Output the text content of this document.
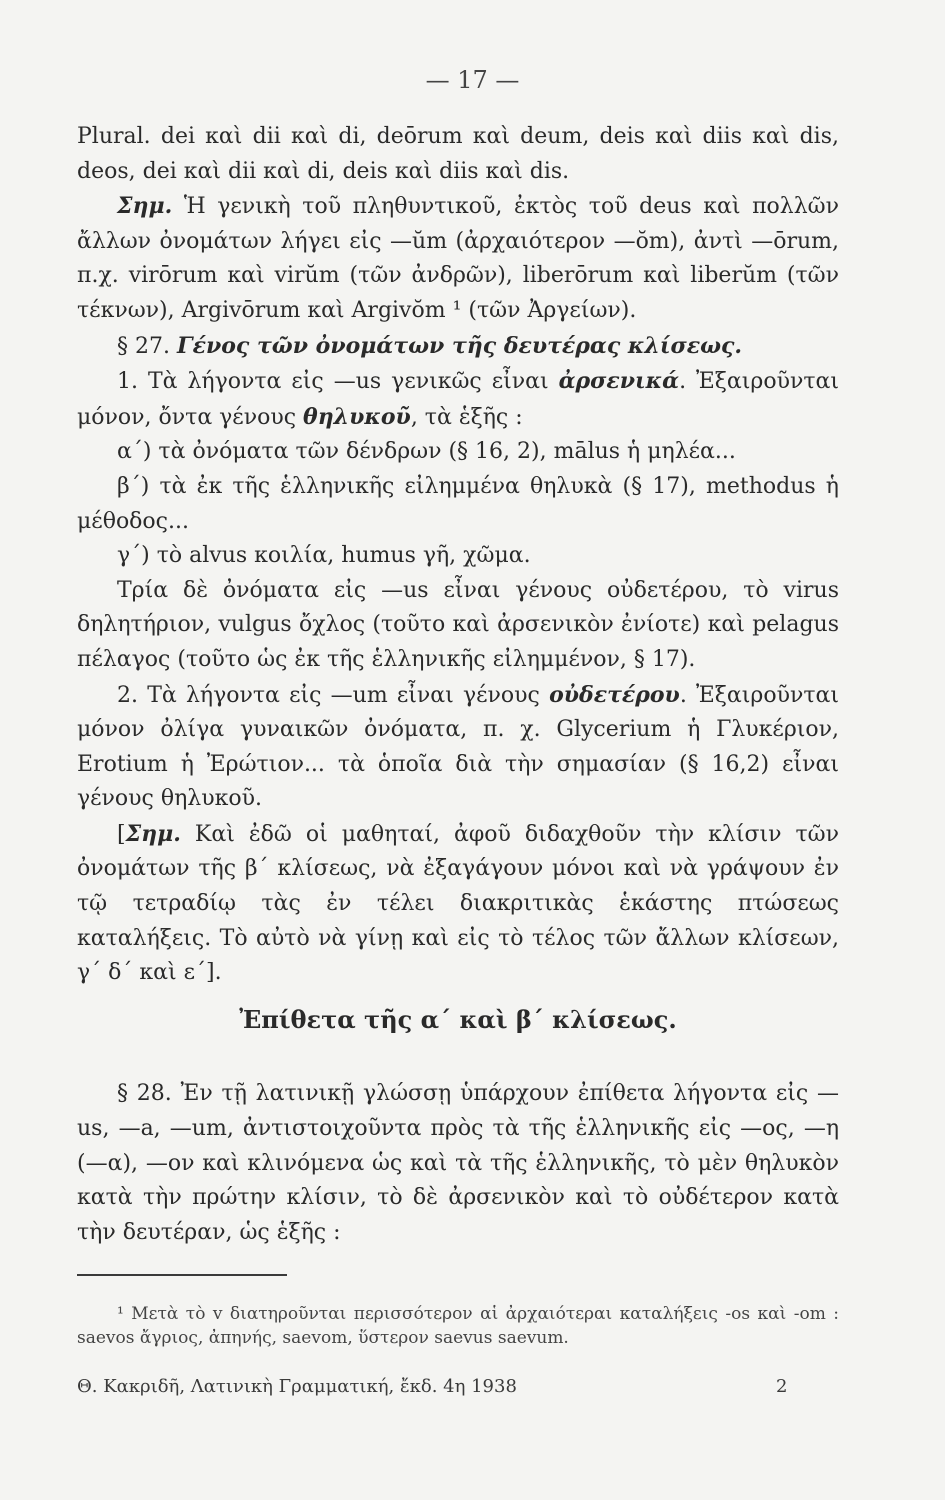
— 17 —

Plural. dei καὶ dii καὶ di, deōrum καὶ deum, deis καὶ diis καὶ dis, deos, dei καὶ dii καὶ di, deis καὶ diis καὶ dis.

Σημ. Ἡ γενικὴ τοῦ πληθυντικοῦ, ἐκτὸς τοῦ deus καὶ πολλῶν ἄλλων ὀνομάτων λήγει εἰς —ŭm (ἀρχαιότερον —ŏm), ἀντὶ —ōrum, π.χ. virōrum καὶ virŭm (τῶν ἀνδρῶν), liberōrum καὶ liberŭm (τῶν τέκνων), Argivōrum καὶ Argivŏm ¹ (τῶν Ἀργείων).

§ 27. Γένος τῶν ὀνομάτων τῆς δευτέρας κλίσεως.

1. Τὰ λήγοντα εἰς —us γενικῶς εἶναι ἀρσενικά. Ἐξαιροῦνται μόνον, ὄντα γένους θηλυκοῦ, τὰ ἑξῆς :

α΄) τὰ ὀνόματα τῶν δένδρων (§ 16, 2), mālus ἡ μηλέα...

β΄) τὰ ἐκ τῆς ἑλληνικῆς εἰλημμένα θηλυκὰ (§ 17), methodus ἡ μέθοδος...

γ΄) τὸ alvus κοιλία, humus γῆ, χῶμα.

Τρία δὲ ὀνόματα εἰς —us εἶναι γένους οὐδετέρου, τὸ virus δηλητήριον, vulgus ὄχλος (τοῦτο καὶ ἀρσενικὸν ἐνίοτε) καὶ pelagus πέλαγος (τοῦτο ὡς ἐκ τῆς ἑλληνικῆς εἰλημμένον, § 17).

2. Τὰ λήγοντα εἰς —um εἶναι γένους οὐδετέρου. Ἐξαιροῦνται μόνον ὀλίγα γυναικῶν ὀνόματα, π. χ. Glycerium ἡ Γλυκέριον, Erotium ἡ Ἐρώτιον... τὰ ὁποῖα διὰ τὴν σημασίαν (§ 16,2) εἶναι γένους θηλυκοῦ.

[Σημ. Καὶ ἐδῶ οἱ μαθηταί, ἀφοῦ διδαχθοῦν τὴν κλίσιν τῶν ὀνομάτων τῆς β΄ κλίσεως, νὰ ἐξαγάγουν μόνοι καὶ νὰ γράψουν ἐν τῷ τετραδίῳ τὰς ἐν τέλει διακριτικὰς ἑκάστης πτώσεως καταλήξεις. Τὸ αὐτὸ νὰ γίνῃ καὶ εἰς τὸ τέλος τῶν ἄλλων κλίσεων, γ΄ δ΄ καὶ ε΄].

Ἐπίθετα τῆς α΄ καὶ β΄ κλίσεως.

§ 28. Ἐν τῇ λατινικῇ γλώσσῃ ὑπάρχουν ἐπίθετα λήγοντα εἰς —us, —a, —um, ἀντιστοιχοῦντα πρὸς τὰ τῆς ἑλληνικῆς εἰς —ος, —η (—α), —ον καὶ κλινόμενα ὡς καὶ τὰ τῆς ἑλληνικῆς, τὸ μὲν θηλυκὸν κατὰ τὴν πρώτην κλίσιν, τὸ δὲ ἀρσενικὸν καὶ τὸ οὐδέτερον κατὰ τὴν δευτέραν, ὡς ἑξῆς :

¹ Μετὰ τὸ v διατηροῦνται περισσότερον αἱ ἀρχαιότεραι καταλήξεις -os καὶ -om : saevos ἄγριος, ἀπηνής, saevom, ὕστερον saevus saevum.

Θ. Κακριδῆ, Λατινικὴ Γραμματική, ἔκδ. 4η 1938	2
